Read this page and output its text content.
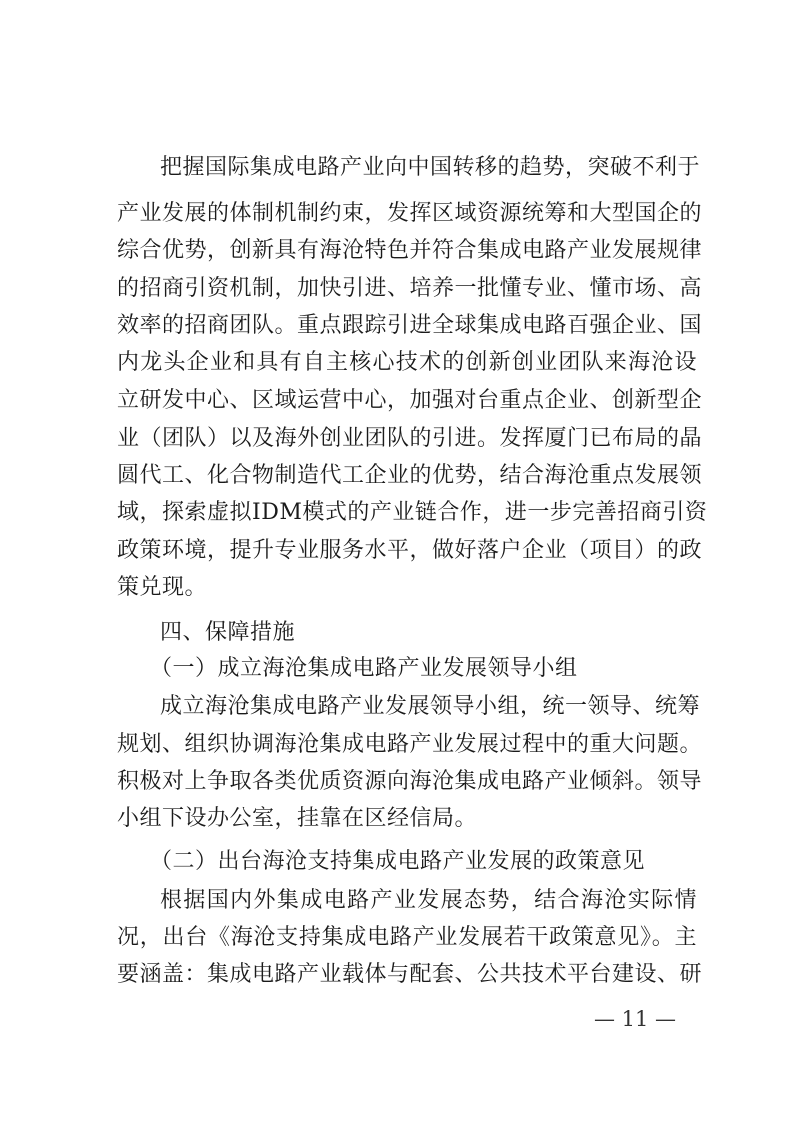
把握国际集成电路产业向中国转移的趋势，突破不利于
产业发展的体制机制约束，发挥区域资源统筹和大型国企的
综合优势，创新具有海沧特色并符合集成电路产业发展规律
的招商引资机制，加快引进、培养一批懂专业、懂市场、高
效率的招商团队。重点跟踪引进全球集成电路百强企业、国
内龙头企业和具有自主核心技术的创新创业团队来海沧设
立研发中心、区域运营中心，加强对台重点企业、创新型企
业（团队）以及海外创业团队的引进。发挥厦门已布局的晶
圆代工、化合物制造代工企业的优势，结合海沧重点发展领
域，探索虚拟IDM模式的产业链合作，进一步完善招商引资
政策环境，提升专业服务水平，做好落户企业（项目）的政
策兑现。
四、保障措施
（一）成立海沧集成电路产业发展领导小组
成立海沧集成电路产业发展领导小组，统一领导、统筹
规划、组织协调海沧集成电路产业发展过程中的重大问题。
积极对上争取各类优质资源向海沧集成电路产业倾斜。领导
小组下设办公室，挂靠在区经信局。
（二）出台海沧支持集成电路产业发展的政策意见
根据国内外集成电路产业发展态势，结合海沧实际情
况，出台《海沧支持集成电路产业发展若干政策意见》。主
要涵盖：集成电路产业载体与配套、公共技术平台建设、研
— 11 —
